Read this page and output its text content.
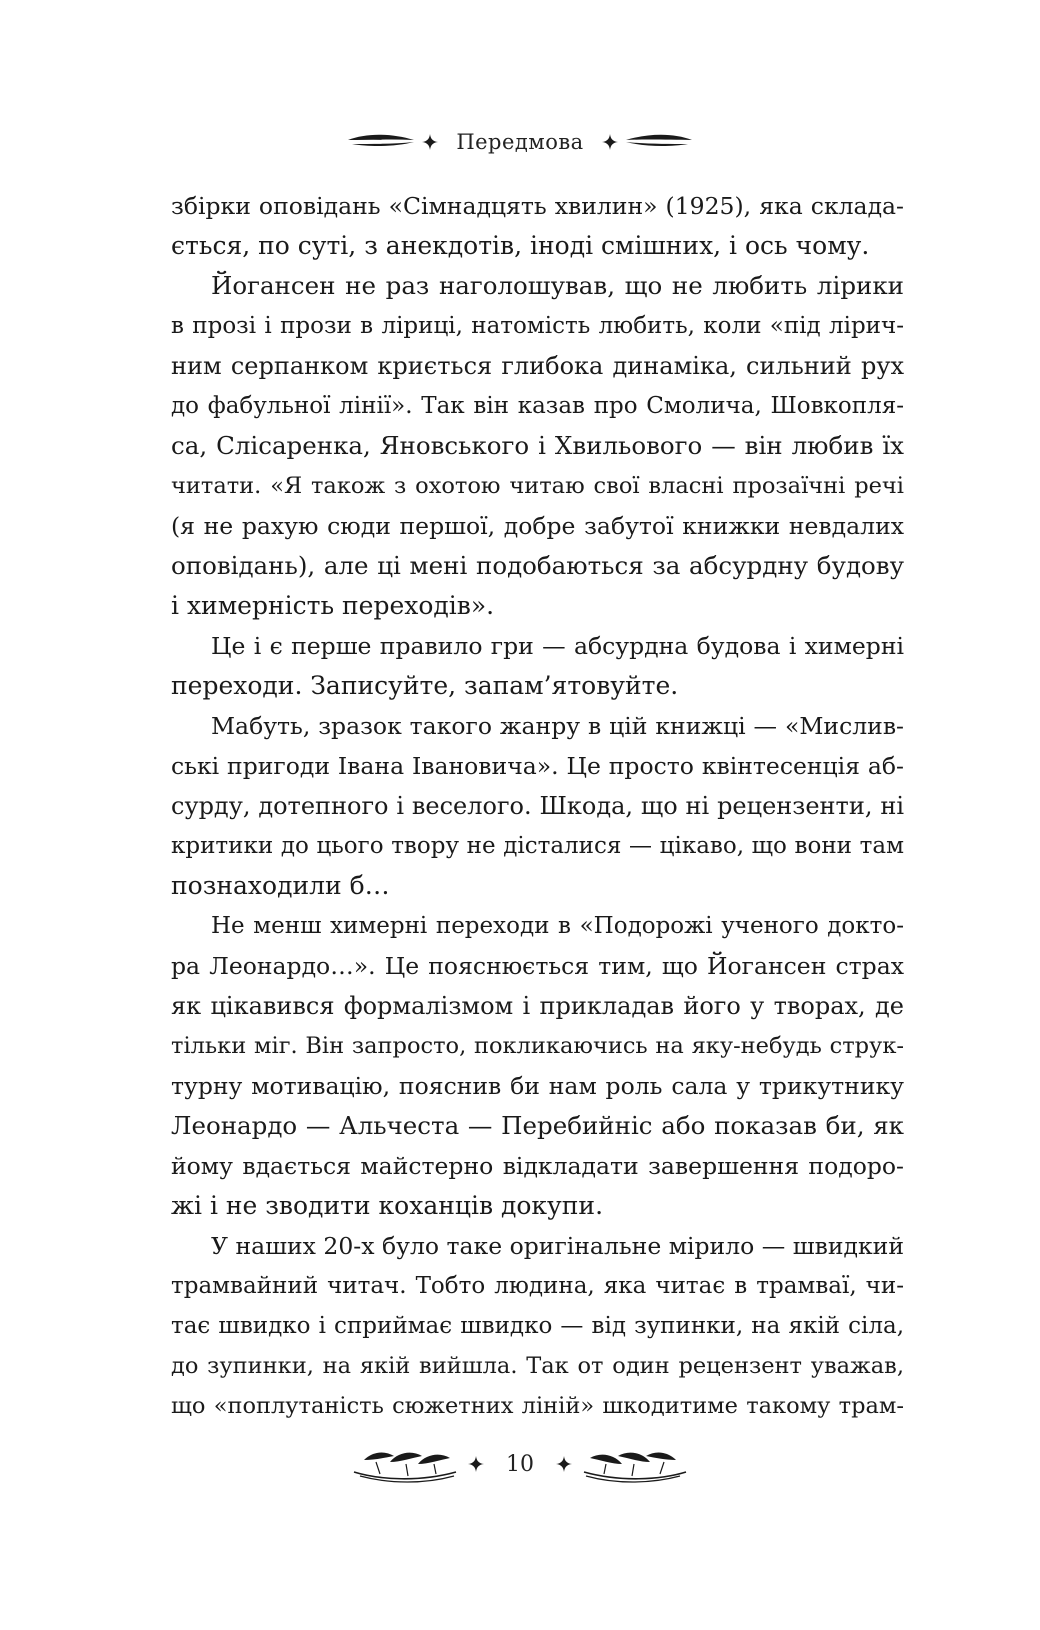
Передмова
збірки оповідань «Сімнадцять хвилин» (1925), яка склада-
ється, по суті, з анекдотів, іноді смішних, і ось чому.
Йогансен не раз наголошував, що не любить лірики
в прозі і прози в ліриці, натомість любить, коли «під лірич-
ним серпанком криється глибока динаміка, сильний рух
до фабульної лінії». Так він казав про Смолича, Шовкопля-
са, Слісаренка, Яновського і Хвильового — він любив їх
читати. «Я також з охотою читаю свої власні прозаїчні речі
(я не рахую сюди першої, добре забутої книжки невдалих
оповідань), але ці мені подобаються за абсурдну будову
і химерність переходів».
Це і є перше правило гри — абсурдна будова і химерні
переходи. Записуйте, запам’ятовуйте.
Мабуть, зразок такого жанру в цій книжці — «Мислив-
ські пригоди Івана Івановича». Це просто квінтесенція аб-
сурду, дотепного і веселого. Шкода, що ні рецензенти, ні
критики до цього твору не дісталися — цікаво, що вони там
познаходили б…
Не менш химерні переходи в «Подорожі ученого докто-
ра Леонардо…». Це пояснюється тим, що Йогансен страх
як цікавився формалізмом і прикладав його у творах, де
тільки міг. Він запросто, покликаючись на яку-небудь струк-
турну мотивацію, пояснив би нам роль сала у трикутнику
Леонардо — Альчеста — Перебийніс або показав би, як
йому вдається майстерно відкладати завершення подоро-
жі і не зводити коханців докупи.
У наших 20-х було таке оригінальне мірило — швидкий
трамвайний читач. Тобто людина, яка читає в трамваї, чи-
тає швидко і сприймає швидко — від зупинки, на якій сіла,
до зупинки, на якій вийшла. Так от один рецензент уважав,
що «поплутаність сюжетних ліній» шкодитиме такому трам-
10
